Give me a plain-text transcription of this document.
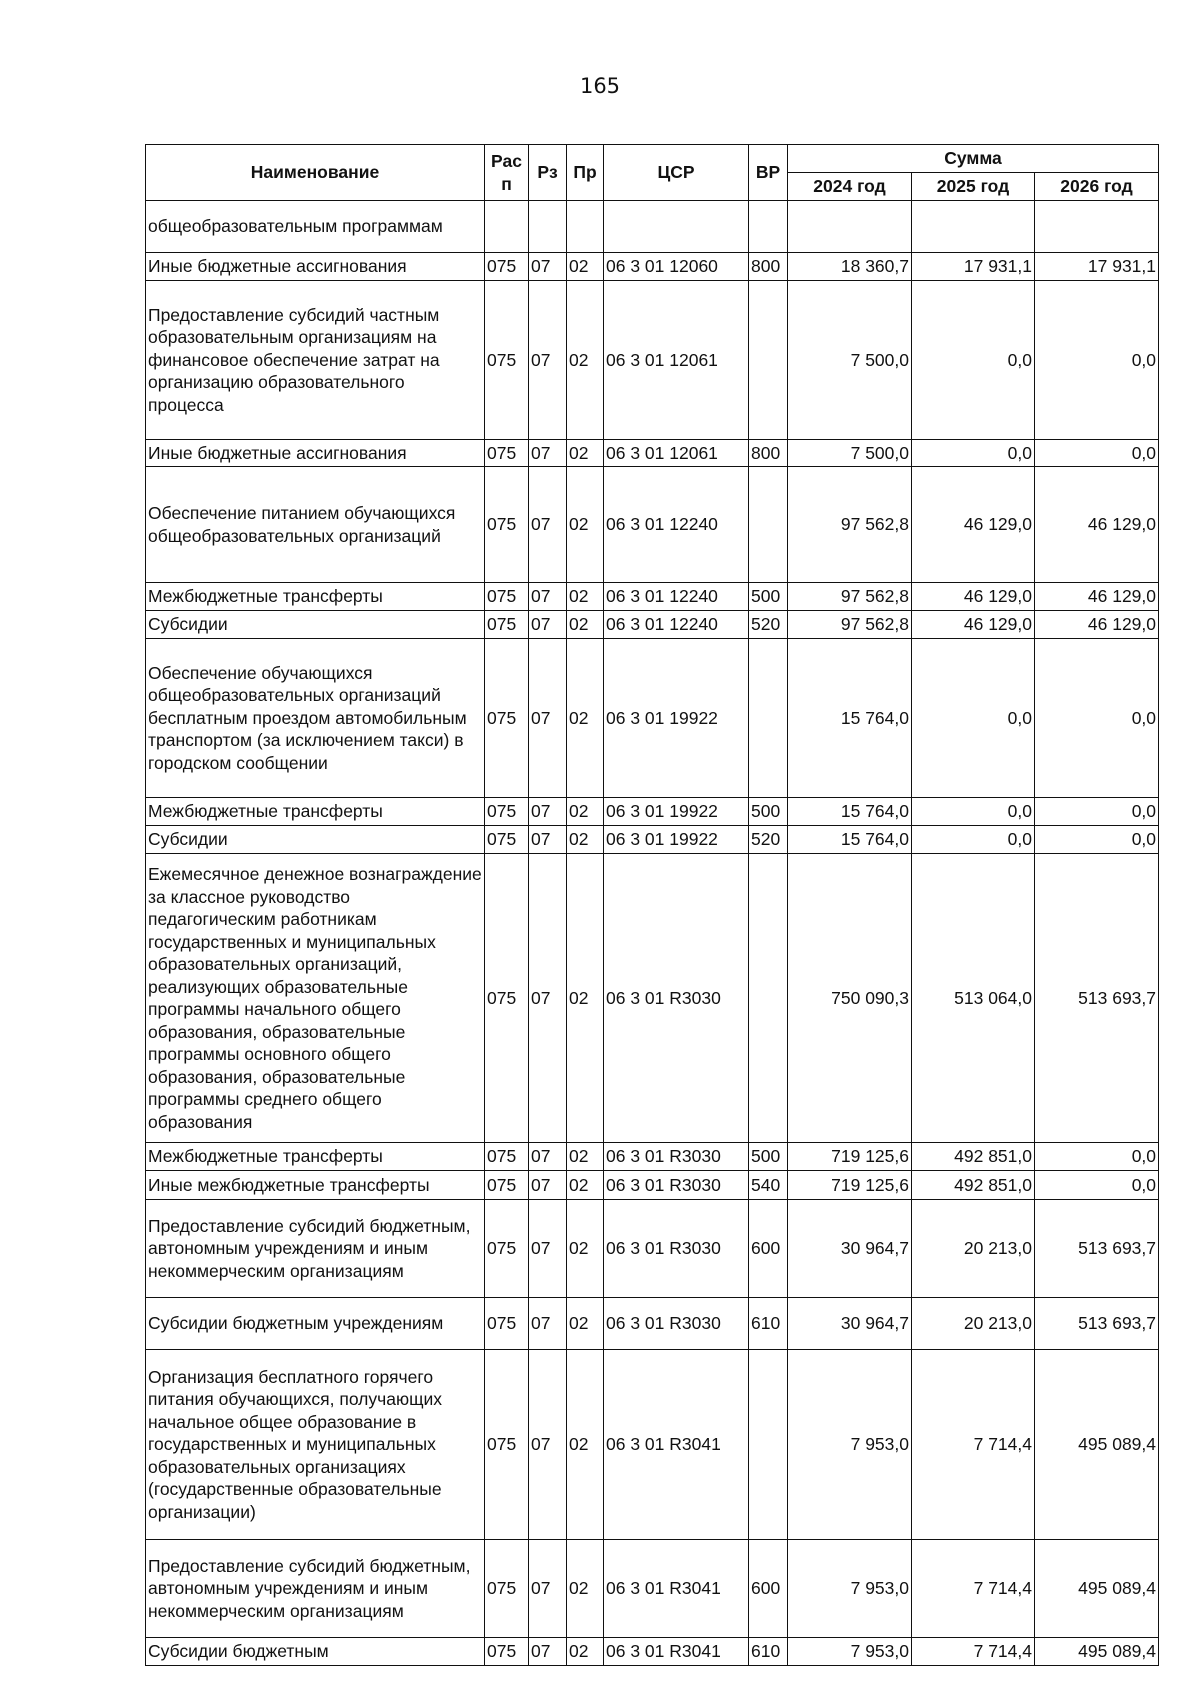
165
Наименование	Рас п	Рз	Пр	ЦСР	ВР	Сумма		
						2024 год	2025 год	2026 год
общеобразовательным программам								
Иные бюджетные ассигнования	075	07	02	06 3 01 12060	800	18 360,7	17 931,1	17 931,1
Предоставление субсидий частным образовательным организациям на финансовое обеспечение затрат на организацию образовательного процесса	075	07	02	06 3 01 12061		7 500,0	0,0	0,0
Иные бюджетные ассигнования	075	07	02	06 3 01 12061	800	7 500,0	0,0	0,0
Обеспечение питанием обучающихся общеобразовательных организаций	075	07	02	06 3 01 12240		97 562,8	46 129,0	46 129,0
Межбюджетные трансферты	075	07	02	06 3 01 12240	500	97 562,8	46 129,0	46 129,0
Субсидии	075	07	02	06 3 01 12240	520	97 562,8	46 129,0	46 129,0
Обеспечение обучающихся общеобразовательных организаций бесплатным проездом автомобильным транспортом (за исключением такси) в городском сообщении	075	07	02	06 3 01 19922		15 764,0	0,0	0,0
Межбюджетные трансферты	075	07	02	06 3 01 19922	500	15 764,0	0,0	0,0
Субсидии	075	07	02	06 3 01 19922	520	15 764,0	0,0	0,0
Ежемесячное денежное вознаграждение за классное руководство педагогическим работникам государственных и муниципальных образовательных организаций, реализующих образовательные программы начального общего образования, образовательные программы основного общего образования, образовательные программы среднего общего образования	075	07	02	06 3 01 R3030		750 090,3	513 064,0	513 693,7
Межбюджетные трансферты	075	07	02	06 3 01 R3030	500	719 125,6	492 851,0	0,0
Иные межбюджетные трансферты	075	07	02	06 3 01 R3030	540	719 125,6	492 851,0	0,0
Предоставление субсидий бюджетным, автономным учреждениям и иным некоммерческим организациям	075	07	02	06 3 01 R3030	600	30 964,7	20 213,0	513 693,7
Субсидии бюджетным учреждениям	075	07	02	06 3 01 R3030	610	30 964,7	20 213,0	513 693,7
Организация бесплатного горячего питания обучающихся, получающих начальное общее образование в государственных и муниципальных образовательных организациях (государственные образовательные организации)	075	07	02	06 3 01 R3041		7 953,0	7 714,4	495 089,4
Предоставление субсидий бюджетным, автономным учреждениям и иным некоммерческим организациям	075	07	02	06 3 01 R3041	600	7 953,0	7 714,4	495 089,4
Субсидии бюджетным	075	07	02	06 3 01 R3041	610	7 953,0	7 714,4	495 089,4
